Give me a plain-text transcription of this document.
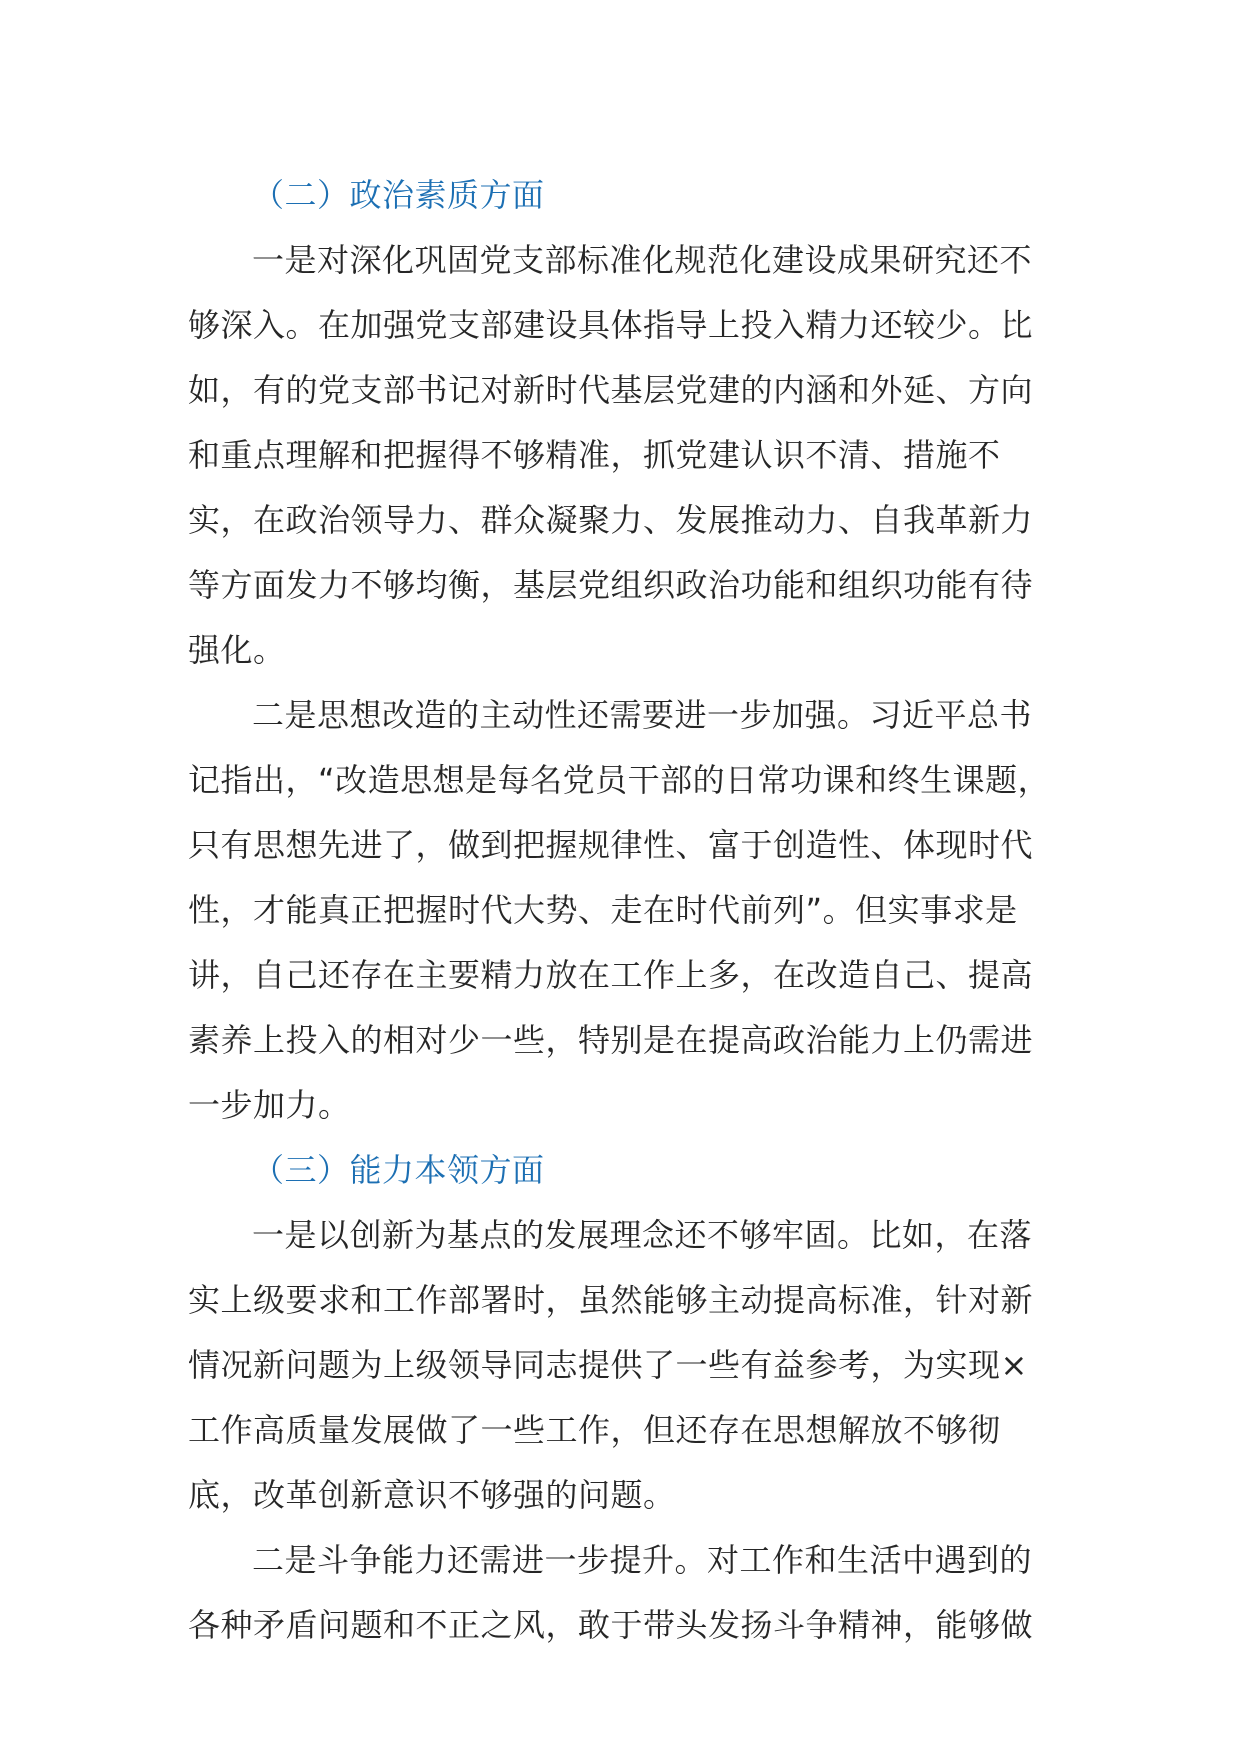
（二）政治素质方面

一是对深化巩固党支部标准化规范化建设成果研究还不够深入。在加强党支部建设具体指导上投入精力还较少。比如，有的党支部书记对新时代基层党建的内涵和外延、方向和重点理解和把握得不够精准，抓党建认识不清、措施不实，在政治领导力、群众凝聚力、发展推动力、自我革新力等方面发力不够均衡，基层党组织政治功能和组织功能有待强化。

二是思想改造的主动性还需要进一步加强。习近平总书记指出，“改造思想是每名党员干部的日常功课和终生课题，只有思想先进了，做到把握规律性、富于创造性、体现时代性，才能真正把握时代大势、走在时代前列”。但实事求是讲，自己还存在主要精力放在工作上多，在改造自己、提高素养上投入的相对少一些，特别是在提高政治能力上仍需进一步加力。

（三）能力本领方面

一是以创新为基点的发展理念还不够牢固。比如，在落实上级要求和工作部署时，虽然能够主动提高标准，针对新情况新问题为上级领导同志提供了一些有益参考，为实现×工作高质量发展做了一些工作，但还存在思想解放不够彻底，改革创新意识不够强的问题。

二是斗争能力还需进一步提升。对工作和生活中遇到的各种矛盾问题和不正之风，敢于带头发扬斗争精神，能够做
